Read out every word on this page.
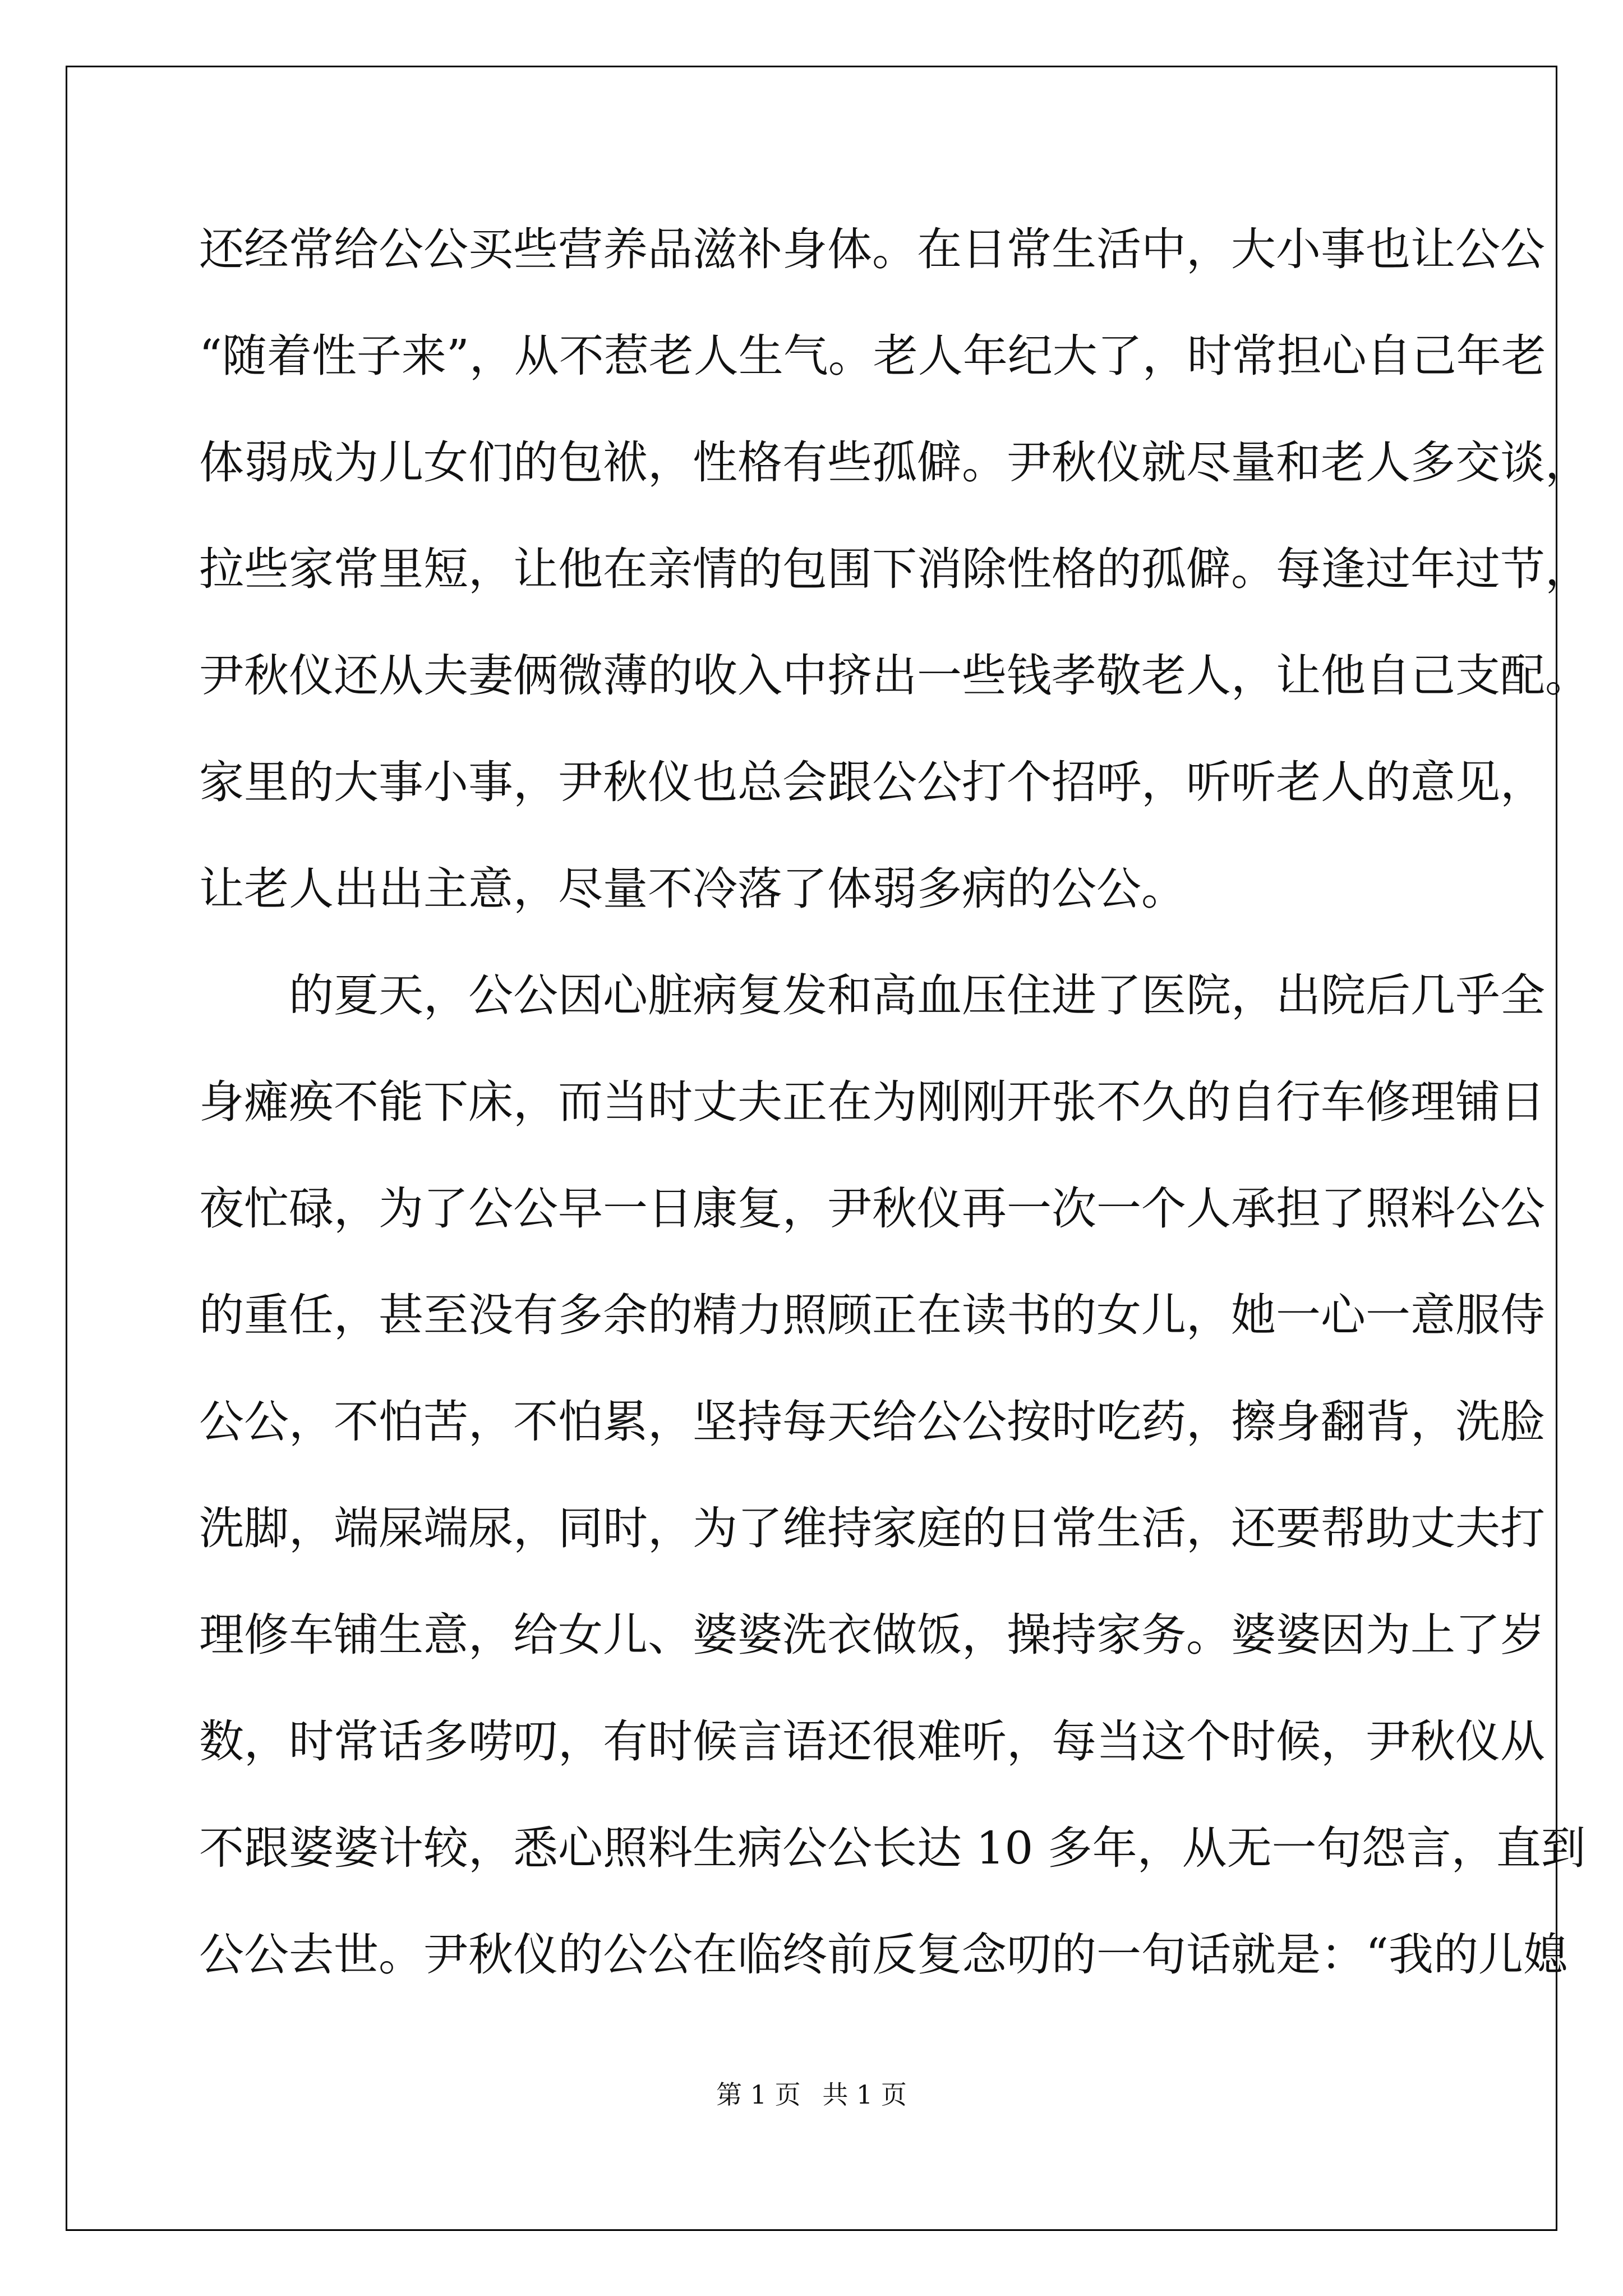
还经常给公公买些营养品滋补身体。在日常生活中，大小事也让公公
“随着性子来”，从不惹老人生气。老人年纪大了，时常担心自己年老
体弱成为儿女们的包袱，性格有些孤僻。尹秋仪就尽量和老人多交谈，
拉些家常里短，让他在亲情的包围下消除性格的孤僻。每逢过年过节，
尹秋仪还从夫妻俩微薄的收入中挤出一些钱孝敬老人，让他自己支配。
家里的大事小事，尹秋仪也总会跟公公打个招呼，听听老人的意见，
让老人出出主意，尽量不冷落了体弱多病的公公。
的夏天，公公因心脏病复发和高血压住进了医院，出院后几乎全
身瘫痪不能下床，而当时丈夫正在为刚刚开张不久的自行车修理铺日
夜忙碌，为了公公早一日康复，尹秋仪再一次一个人承担了照料公公
的重任，甚至没有多余的精力照顾正在读书的女儿，她一心一意服侍
公公，不怕苦，不怕累，坚持每天给公公按时吃药，擦身翻背，洗脸
洗脚，端屎端尿，同时，为了维持家庭的日常生活，还要帮助丈夫打
理修车铺生意，给女儿、婆婆洗衣做饭，操持家务。婆婆因为上了岁
数，时常话多唠叨，有时候言语还很难听，每当这个时候，尹秋仪从
不跟婆婆计较，悉心照料生病公公长达 10 多年，从无一句怨言，直到
公公去世。尹秋仪的公公在临终前反复念叨的一句话就是：“我的儿媳
第 1 页 共 1 页
